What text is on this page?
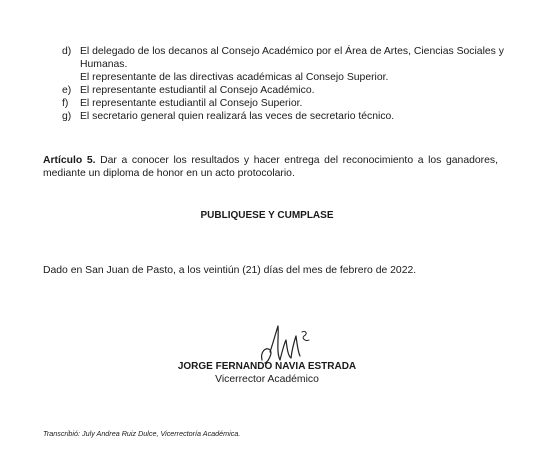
d) El delegado de los decanos al Consejo Académico por el Área de Artes, Ciencias Sociales y
Humanas.
El representante de las directivas académicas al Consejo Superior.
e) El representante estudiantil al Consejo Académico.
f) El representante estudiantil al Consejo Superior.
g) El secretario general quien realizará las veces de secretario técnico.

Artículo 5. Dar a conocer los resultados y hacer entrega del reconocimiento a los ganadores, mediante un diploma de honor en un acto protocolario.

PUBLIQUESE Y CUMPLASE
Dado en San Juan de Pasto, a los veintiún (21) días del mes de febrero de 2022.
JORGE FERNANDO NAVIA ESTRADA
Vicerrector Académico
Transcribió: July Andrea Ruiz Dulce, Vicerrectoría Académica.
